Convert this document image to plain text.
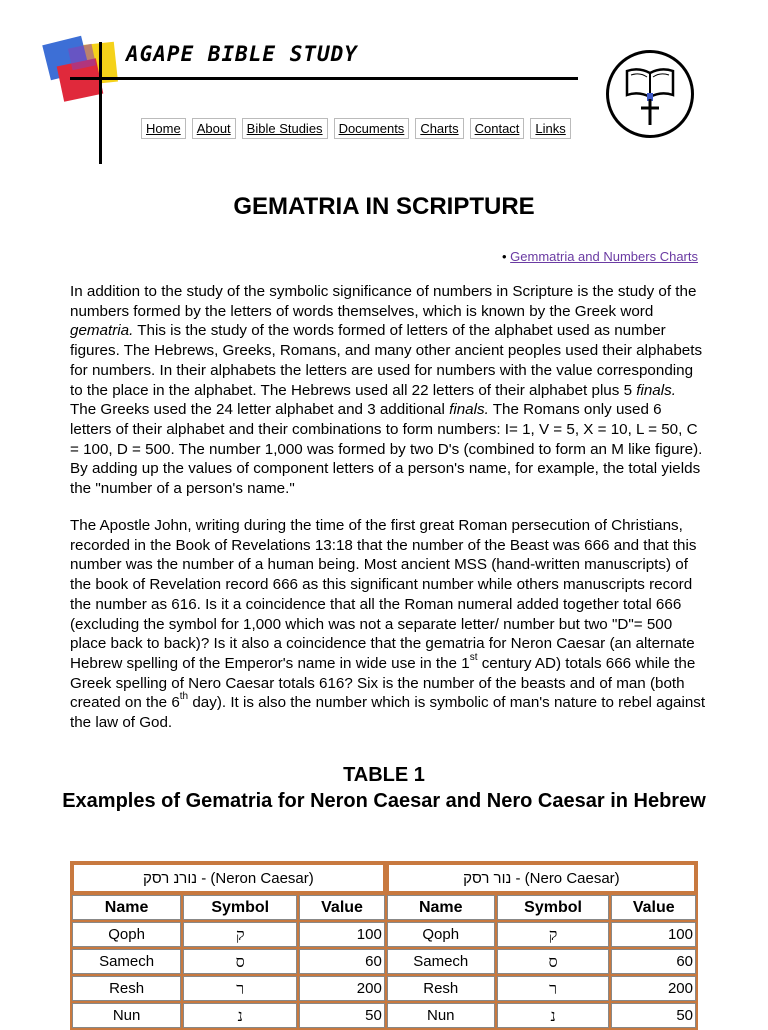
AGAPE BIBLE STUDY
Home	About	Bible Studies	Documents	Charts	Contact	Links
GEMATRIA IN SCRIPTURE
• Gemmatria and Numbers Charts
In addition to the study of the symbolic significance of numbers in Scripture is the study of the numbers formed by the letters of words themselves, which is known by the Greek word gematria. This is the study of the words formed of letters of the alphabet used as number figures. The Hebrews, Greeks, Romans, and many other ancient peoples used their alphabets for numbers. In their alphabets the letters are used for numbers with the value corresponding to the place in the alphabet. The Hebrews used all 22 letters of their alphabet plus 5 finals. The Greeks used the 24 letter alphabet and 3 additional finals. The Romans only used 6 letters of their alphabet and their combinations to form numbers: I= 1, V = 5, X = 10, L = 50, C = 100, D = 500. The number 1,000 was formed by two D's (combined to form an M like figure). By adding up the values of component letters of a person's name, for example, the total yields the "number of a person's name."
The Apostle John, writing during the time of the first great Roman persecution of Christians, recorded in the Book of Revelations 13:18 that the number of the Beast was 666 and that this number was the number of a human being. Most ancient MSS (hand-written manuscripts) of the book of Revelation record 666 as this significant number while others manuscripts record the number as 616. Is it a coincidence that all the Roman numeral added together total 666 (excluding the symbol for 1,000 which was not a separate letter/ number but two "D"= 500 place back to back)? Is it also a coincidence that the gematria for Neron Caesar (an alternate Hebrew spelling of the Emperor's name in wide use in the 1st century AD) totals 666 while the Greek spelling of Nero Caesar totals 616? Six is the number of the beasts and of man (both created on the 6th day). It is also the number which is symbolic of man's nature to rebel against the law of God.
TABLE 1
Examples of Gematria for Neron Caesar and Nero Caesar in Hebrew
נורנ רסק - (Neron Caesar)			נור רסק - (Nero Caesar)		
Name	Symbol	Value	Name	Symbol	Value
Qoph	ק	100	Qoph	ק	100
Samech	ס	60	Samech	ס	60
Resh	ר	200	Resh	ר	200
Nun	נ	50	Nun	נ	50
